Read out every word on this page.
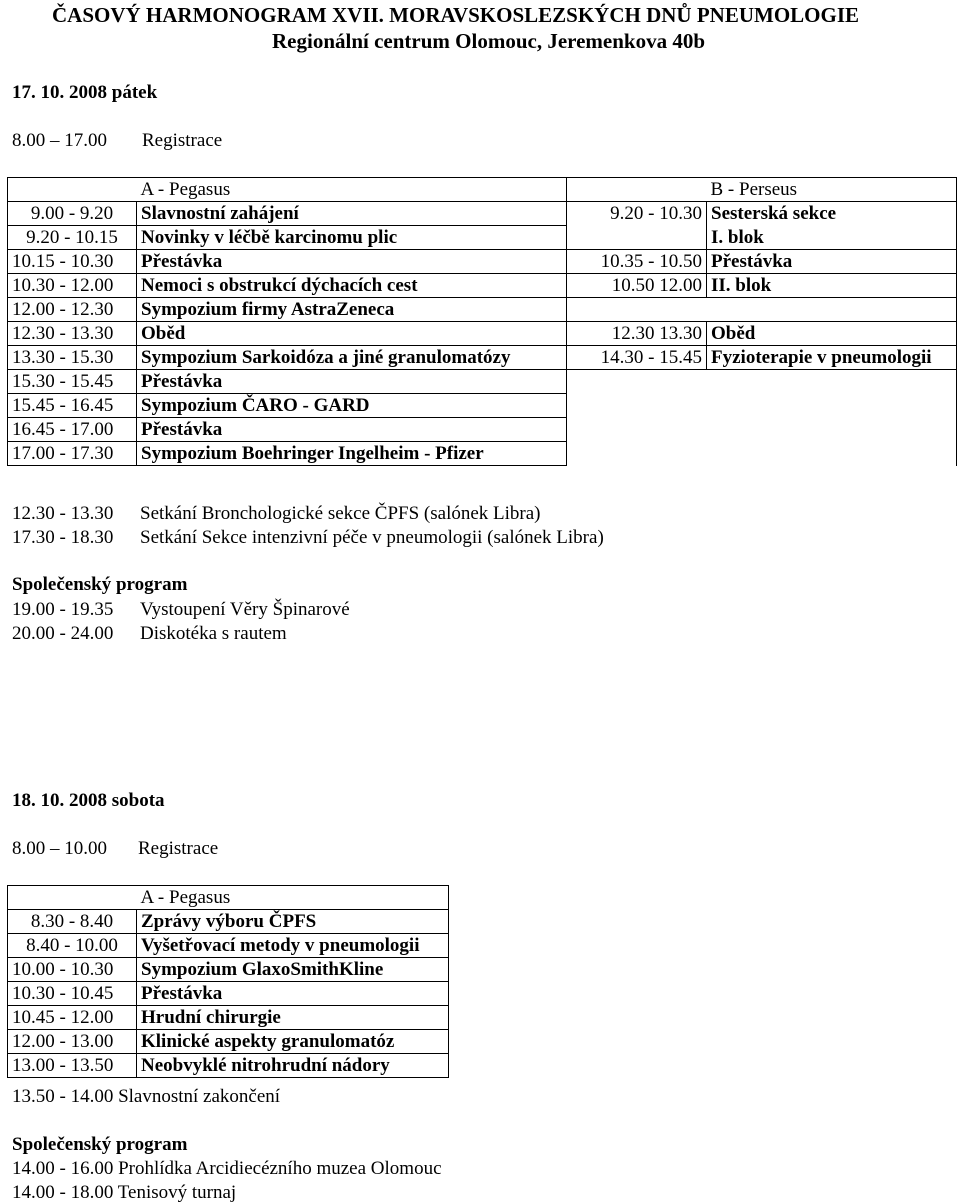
ČASOVÝ HARMONOGRAM XVII. MORAVSKOSLEZSKÝCH DNŮ PNEUMOLOGIE
Regionální centrum Olomouc, Jeremenkova 40b
17. 10. 2008 pátek
8.00 – 17.00 Registrace
	A - Pegasus		B - Perseus
9.00 - 9.20	Slavnostní zahájení	9.20 - 10.30	Sesterská sekce
9.20 - 10.15	Novinky v léčbě karcinomu plic		I. blok
10.15 - 10.30	Přestávka	10.35 - 10.50	Přestávka
10.30 - 12.00	Nemoci s obstrukcí dýchacích cest	10.50 12.00	II. blok
12.00 - 12.30	Sympozium firmy AstraZeneca		
12.30 - 13.30	Oběd	12.30 13.30	Oběd
13.30 - 15.30	Sympozium Sarkoidóza a jiné granulomatózy	14.30 - 15.45	Fyzioterapie v pneumologii
15.30 - 15.45	Přestávka		
15.45 - 16.45	Sympozium ČARO - GARD		
16.45 - 17.00	Přestávka		
17.00 - 17.30	Sympozium Boehringer Ingelheim - Pfizer		
12.30 - 13.30 Setkání Bronchologické sekce ČPFS (salónek Libra)
17.30 - 18.30 Setkání Sekce intenzivní péče v pneumologii (salónek Libra)
Společenský program
19.00 - 19.35 Vystoupení Věry Špinarové
20.00 - 24.00 Diskotéka s rautem
18. 10. 2008 sobota
8.00 – 10.00 Registrace
	A - Pegasus
8.30 - 8.40	Zprávy výboru ČPFS
8.40 - 10.00	Vyšetřovací metody v pneumologii
10.00 - 10.30	Sympozium GlaxoSmithKline
10.30 - 10.45	Přestávka
10.45 - 12.00	Hrudní chirurgie
12.00 - 13.00	Klinické aspekty granulomatóz
13.00 - 13.50	Neobvyklé nitrohrudní nádory
13.50 - 14.00 Slavnostní zakončení
Společenský program
14.00 - 16.00 Prohlídka Arcidiecézního muzea Olomouc
14.00 - 18.00 Tenisový turnaj
